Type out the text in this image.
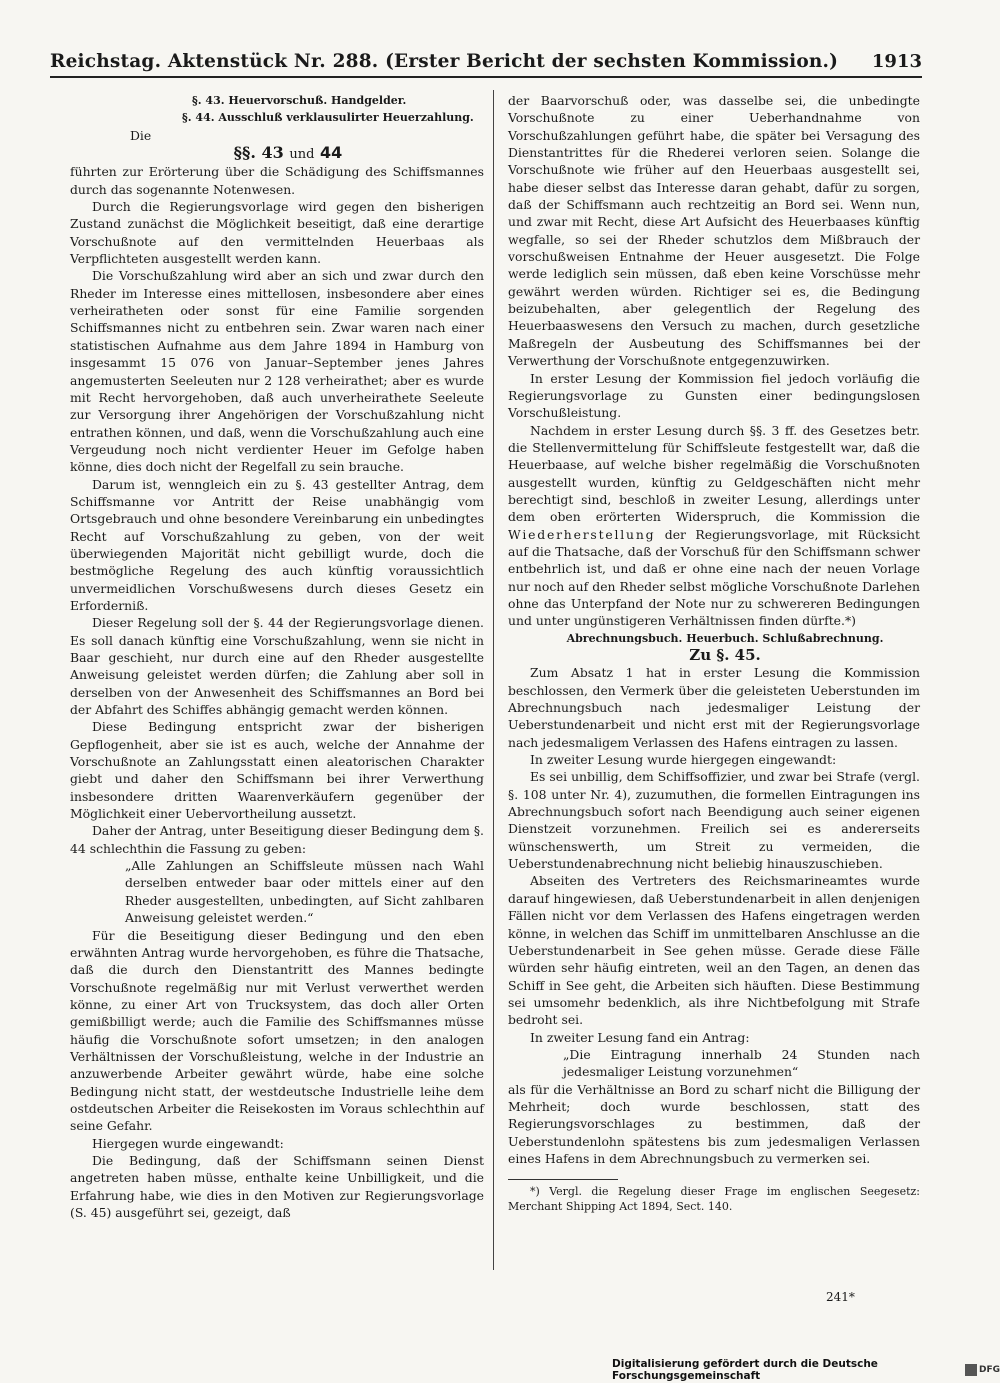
Reichstag. Aktenstück Nr. 288. (Erster Bericht der sechsten Kommission.) 1913

§. 43. Heuervorschuß. Handgelder.

§. 44. Ausschluß verklausulirter Heuerzahlung.

Die

§§. 43 und 44

führten zur Erörterung über die Schädigung des Schiffsmannes durch das sogenannte Notenwesen.

Durch die Regierungsvorlage wird gegen den bisherigen Zustand zunächst die Möglichkeit beseitigt, daß eine derartige Vorschußnote auf den vermittelnden Heuerbaas als Verpflichteten ausgestellt werden kann.

Die Vorschußzahlung wird aber an sich und zwar durch den Rheder im Interesse eines mittellosen, insbesondere aber eines verheiratheten oder sonst für eine Familie sorgenden Schiffsmannes nicht zu entbehren sein. Zwar waren nach einer statistischen Aufnahme aus dem Jahre 1894 in Hamburg von insgesammt 15 076 von Januar–September jenes Jahres angemusterten Seeleuten nur 2 128 verheirathet; aber es wurde mit Recht hervorgehoben, daß auch unverheirathete Seeleute zur Versorgung ihrer Angehörigen der Vorschußzahlung nicht entrathen können, und daß, wenn die Vorschußzahlung auch eine Vergeudung noch nicht verdienter Heuer im Gefolge haben könne, dies doch nicht der Regelfall zu sein brauche.

Darum ist, wenngleich ein zu §. 43 gestellter Antrag, dem Schiffsmanne vor Antritt der Reise unabhängig vom Ortsgebrauch und ohne besondere Vereinbarung ein unbedingtes Recht auf Vorschußzahlung zu geben, von der weit überwiegenden Majorität nicht gebilligt wurde, doch die bestmögliche Regelung des auch künftig voraussichtlich unvermeidlichen Vorschußwesens durch dieses Gesetz ein Erforderniß.

Dieser Regelung soll der §. 44 der Regierungsvorlage dienen. Es soll danach künftig eine Vorschußzahlung, wenn sie nicht in Baar geschieht, nur durch eine auf den Rheder ausgestellte Anweisung geleistet werden dürfen; die Zahlung aber soll in derselben von der Anwesenheit des Schiffsmannes an Bord bei der Abfahrt des Schiffes abhängig gemacht werden können.

Diese Bedingung entspricht zwar der bisherigen Gepflogenheit, aber sie ist es auch, welche der Annahme der Vorschußnote an Zahlungsstatt einen aleatorischen Charakter giebt und daher den Schiffsmann bei ihrer Verwerthung insbesondere dritten Waarenverkäufern gegenüber der Möglichkeit einer Uebervortheilung aussetzt.

Daher der Antrag, unter Beseitigung dieser Bedingung dem §. 44 schlechthin die Fassung zu geben:

„Alle Zahlungen an Schiffsleute müssen nach Wahl derselben entweder baar oder mittels einer auf den Rheder ausgestellten, unbedingten, auf Sicht zahlbaren Anweisung geleistet werden.“

Für die Beseitigung dieser Bedingung und den eben erwähnten Antrag wurde hervorgehoben, es führe die Thatsache, daß die durch den Dienstantritt des Mannes bedingte Vorschußnote regelmäßig nur mit Verlust verwerthet werden könne, zu einer Art von Trucksystem, das doch aller Orten gemißbilligt werde; auch die Familie des Schiffsmannes müsse häufig die Vorschußnote sofort umsetzen; in den analogen Verhältnissen der Vorschußleistung, welche in der Industrie an anzuwerbende Arbeiter gewährt würde, habe eine solche Bedingung nicht statt, der westdeutsche Industrielle leihe dem ostdeutschen Arbeiter die Reisekosten im Voraus schlechthin auf seine Gefahr.

Hiergegen wurde eingewandt:

Die Bedingung, daß der Schiffsmann seinen Dienst angetreten haben müsse, enthalte keine Unbilligkeit, und die Erfahrung habe, wie dies in den Motiven zur Regierungsvorlage (S. 45) ausgeführt sei, gezeigt, daß

der Baarvorschuß oder, was dasselbe sei, die unbedingte Vorschußnote zu einer Ueberhandnahme von Vorschußzahlungen geführt habe, die später bei Versagung des Dienstantrittes für die Rhederei verloren seien. Solange die Vorschußnote wie früher auf den Heuerbaas ausgestellt sei, habe dieser selbst das Interesse daran gehabt, dafür zu sorgen, daß der Schiffsmann auch rechtzeitig an Bord sei. Wenn nun, und zwar mit Recht, diese Art Aufsicht des Heuerbaases künftig wegfalle, so sei der Rheder schutzlos dem Mißbrauch der vorschußweisen Entnahme der Heuer ausgesetzt. Die Folge werde lediglich sein müssen, daß eben keine Vorschüsse mehr gewährt werden würden. Richtiger sei es, die Bedingung beizubehalten, aber gelegentlich der Regelung des Heuerbaaswesens den Versuch zu machen, durch gesetzliche Maßregeln der Ausbeutung des Schiffsmannes bei der Verwerthung der Vorschußnote entgegenzuwirken.

In erster Lesung der Kommission fiel jedoch vorläufig die Regierungsvorlage zu Gunsten einer bedingungslosen Vorschußleistung.

Nachdem in erster Lesung durch §§. 3 ff. des Gesetzes betr. die Stellenvermittelung für Schiffsleute festgestellt war, daß die Heuerbaase, auf welche bisher regelmäßig die Vorschußnoten ausgestellt wurden, künftig zu Geldgeschäften nicht mehr berechtigt sind, beschloß in zweiter Lesung, allerdings unter dem oben erörterten Widerspruch, die Kommission die Wiederherstellung der Regierungsvorlage, mit Rücksicht auf die Thatsache, daß der Vorschuß für den Schiffsmann schwer entbehrlich ist, und daß er ohne eine nach der neuen Vorlage nur noch auf den Rheder selbst mögliche Vorschußnote Darlehen ohne das Unterpfand der Note nur zu schwereren Bedingungen und unter ungünstigeren Verhältnissen finden dürfte.*)

Abrechnungsbuch. Heuerbuch. Schlußabrechnung.

Zu §. 45.

Zum Absatz 1 hat in erster Lesung die Kommission beschlossen, den Vermerk über die geleisteten Ueberstunden im Abrechnungsbuch nach jedesmaliger Leistung der Ueberstundenarbeit und nicht erst mit der Regierungsvorlage nach jedesmaligem Verlassen des Hafens eintragen zu lassen.

In zweiter Lesung wurde hiergegen eingewandt:

Es sei unbillig, dem Schiffsoffizier, und zwar bei Strafe (vergl. §. 108 unter Nr. 4), zuzumuthen, die formellen Eintragungen ins Abrechnungsbuch sofort nach Beendigung auch seiner eigenen Dienstzeit vorzunehmen. Freilich sei es andererseits wünschenswerth, um Streit zu vermeiden, die Ueberstundenabrechnung nicht beliebig hinauszuschieben.

Abseiten des Vertreters des Reichsmarineamtes wurde darauf hingewiesen, daß Ueberstundenarbeit in allen denjenigen Fällen nicht vor dem Verlassen des Hafens eingetragen werden könne, in welchen das Schiff im unmittelbaren Anschlusse an die Ueberstundenarbeit in See gehen müsse. Gerade diese Fälle würden sehr häufig eintreten, weil an den Tagen, an denen das Schiff in See geht, die Arbeiten sich häuften. Diese Bestimmung sei umsomehr bedenklich, als ihre Nichtbefolgung mit Strafe bedroht sei.

In zweiter Lesung fand ein Antrag:

„Die Eintragung innerhalb 24 Stunden nach jedesmaliger Leistung vorzunehmen“

als für die Verhältnisse an Bord zu scharf nicht die Billigung der Mehrheit; doch wurde beschlossen, statt des Regierungsvorschlages zu bestimmen, daß der Ueberstundenlohn spätestens bis zum jedesmaligen Verlassen eines Hafens in dem Abrechnungsbuch zu vermerken sei.

*) Vergl. die Regelung dieser Frage im englischen Seegesetz: Merchant Shipping Act 1894, Sect. 140.

241*
Digitalisierung gefördert durch die Deutsche Forschungsgemeinschaft	DFG
